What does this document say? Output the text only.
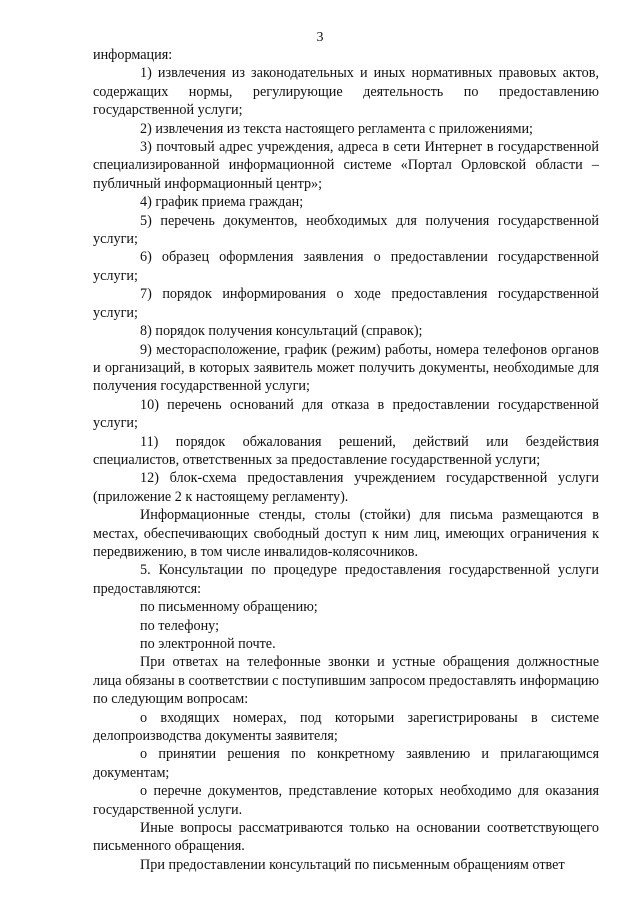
3

информация:

1) извлечения из законодательных и иных нормативных правовых актов, содержащих нормы, регулирующие деятельность по предоставлению государственной услуги;

2) извлечения из текста настоящего регламента с приложениями;

3) почтовый адрес учреждения, адреса в сети Интернет в государственной специализированной информационной системе «Портал Орловской области – публичный информационный центр»;

4) график приема граждан;

5) перечень документов, необходимых для получения государственной услуги;

6) образец оформления заявления о предоставлении государственной услуги;

7) порядок информирования о ходе предоставления государственной услуги;

8) порядок получения консультаций (справок);

9) месторасположение, график (режим) работы, номера телефонов органов и организаций, в которых заявитель может получить документы, необходимые для получения государственной услуги;

10) перечень оснований для отказа в предоставлении государственной услуги;

11) порядок обжалования решений, действий или бездействия специалистов, ответственных за предоставление государственной услуги;

12) блок-схема предоставления учреждением государственной услуги (приложение 2 к настоящему регламенту).

Информационные стенды, столы (стойки) для письма размещаются в местах, обеспечивающих свободный доступ к ним лиц, имеющих ограничения к передвижению, в том числе инвалидов-колясочников.

5. Консультации по процедуре предоставления государственной услуги предоставляются:

по письменному обращению;

по телефону;

по электронной почте.

При ответах на телефонные звонки и устные обращения должностные лица обязаны в соответствии с поступившим запросом предоставлять информацию по следующим вопросам:

о входящих номерах, под которыми зарегистрированы в системе делопроизводства документы заявителя;

о принятии решения по конкретному заявлению и прилагающимся документам;

о перечне документов, представление которых необходимо для оказания государственной услуги.

Иные вопросы рассматриваются только на основании соответствующего письменного обращения.

При предоставлении консультаций по письменным обращениям ответ
